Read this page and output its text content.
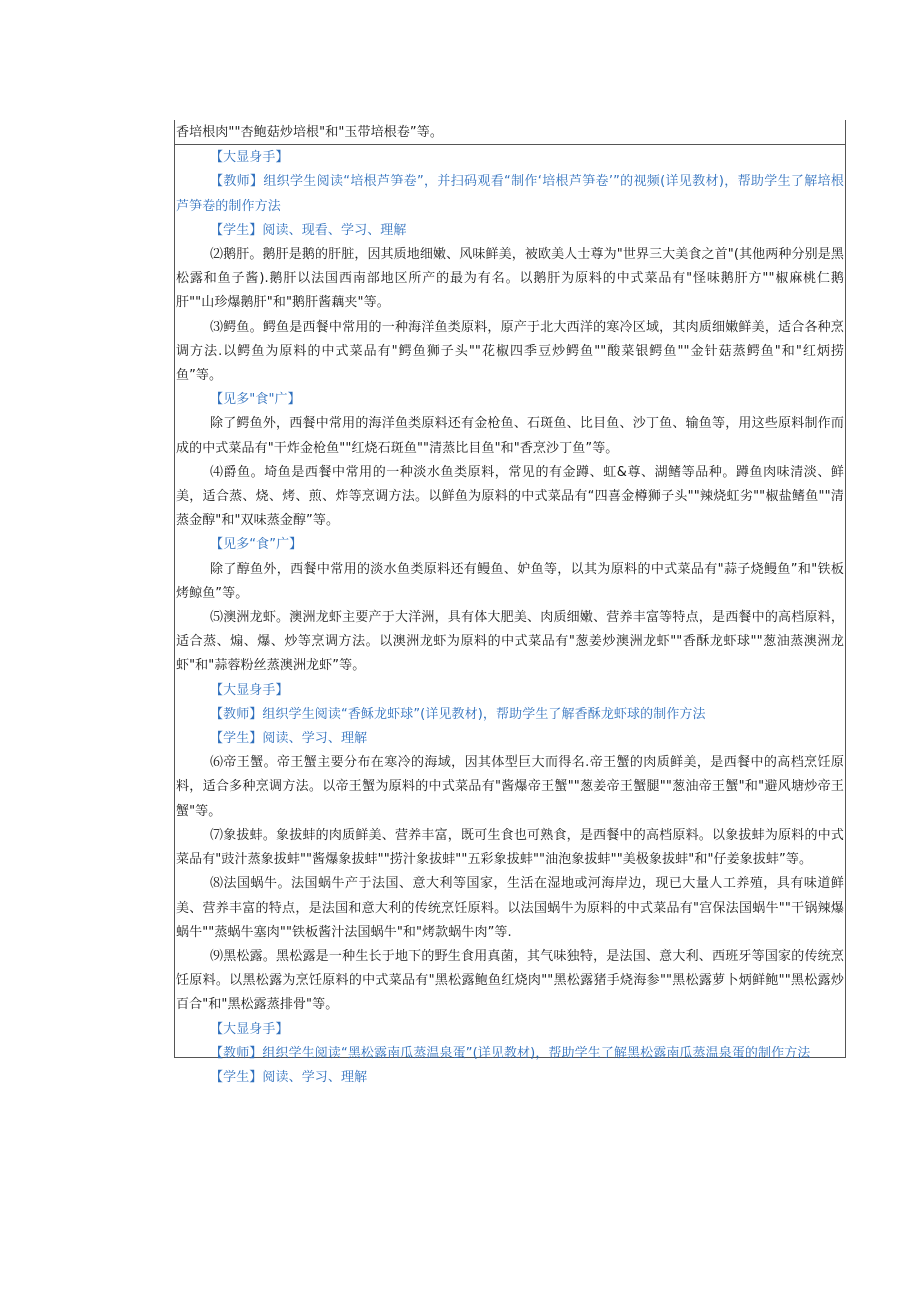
香培根肉""杏鲍菇炒培根"和"玉带培根卷”等。

【大显身手】

【教师】组织学生阅读“培根芦笋卷”，并扫码观看“制作‘培根芦笋卷’”的视频(详见教材)，帮助学生了解培根芦笋卷的制作方法

【学生】阅读、现看、学习、理解

⑵鹅肝。鹅肝是鹅的肝脏，因其质地细嫩、风味鲜美，被欧美人士尊为"世界三大美食之首"(其他两种分别是黑松露和鱼子酱).鹅肝以法国西南部地区所产的最为有名。以鹅肝为原料的中式菜品有"怪味鹅肝方""椒麻桃仁鹅肝""山珍爆鹅肝"和"鹅肝酱藕夹"等。

⑶鳄鱼。鳄鱼是西餐中常用的一种海洋鱼类原料，原产于北大西洋的寒冷区域，其肉质细嫩鲜美，适合各种烹调方法.以鳄鱼为原料的中式菜品有"鳄鱼狮子头""花椒四季豆炒鳄鱼""酸菜银鳄鱼""金针菇蒸鳄鱼"和"红炳捞鱼”等。

【见多"食"广】

除了鳄鱼外，西餐中常用的海洋鱼类原料还有金枪鱼、石斑鱼、比目鱼、沙丁鱼、输鱼等，用这些原料制作而成的中式菜品有"干炸金枪鱼""红烧石斑鱼""清蒸比目鱼"和"香烹沙丁鱼”等。

⑷爵鱼。埼鱼是西餐中常用的一种淡水鱼类原料，常见的有金蹲、虹&尊、湖鳍等品种。蹲鱼肉味清淡、鲜美，适合蒸、烧、烤、煎、炸等烹调方法。以鲜鱼为原料的中式菜品有“四喜金樽狮子头""辣烧虹劣""椒盐鳍鱼""清蒸金醇"和"双味蒸金醇”等。

【见多“食”广】

除了醇鱼外，西餐中常用的淡水鱼类原料还有鳗鱼、妒鱼等，以其为原料的中式菜品有"蒜子烧鳗鱼”和"铁板烤鲸鱼”等。

⑸澳洲龙虾。澳洲龙虾主要产于大洋洲，具有体大肥美、肉质细嫩、营养丰富等特点，是西餐中的高档原料，适合蒸、煽、爆、炒等烹调方法。以澳洲龙虾为原料的中式菜品有"葱姜炒澳洲龙虾""香酥龙虾球""葱油蒸澳洲龙虾"和"蒜蓉粉丝蒸澳洲龙虾”等。

【大显身手】

【教师】组织学生阅读“香稣龙虾球”(详见教材)，帮助学生了解香酥龙虾球的制作方法

【学生】阅读、学习、理解

⑹帝王蟹。帝王蟹主要分布在寒冷的海域，因其体型巨大而得名.帝王蟹的肉质鲜美，是西餐中的高档烹饪原料，适合多种烹调方法。以帝王蟹为原料的中式菜品有"酱爆帝王蟹""葱姜帝王蟹腿""葱油帝王蟹"和"避风塘炒帝王蟹"等。

⑺象拔蚌。象拔蚌的肉质鲜美、营养丰富，既可生食也可熟食，是西餐中的高档原料。以象拔蚌为原料的中式菜品有"豉汁蒸象拔蚌""酱爆象拔蚌""捞汁象拔蚌""五彩象拔蚌""油泡象拔蚌""美极象拔蚌"和"仔姜象拔蚌”等。

⑻法国蜗牛。法国蜗牛产于法国、意大利等国家，生活在湿地或河海岸边，现已大量人工养殖，具有味道鲜美、营养丰富的特点，是法国和意大利的传统烹饪原料。以法国蜗牛为原料的中式菜品有"宫保法国蜗牛""干锅辣爆蜗牛""蒸蜗牛塞肉""铁板酱汁法国蜗牛"和"烤款蜗牛肉”等.

⑼黑松露。黑松露是一种生长于地下的野生食用真菌，其气味独特，是法国、意大利、西班牙等国家的传统烹饪原料。以黑松露为烹饪原料的中式菜品有"黑松露鲍鱼红烧肉""黑松露猪手烧海参""黑松露萝卜炳鲜鲍""黑松露炒百合"和"黑松露蒸排骨"等。

【大显身手】

【教师】组织学生阅读“黑松露南瓜蒸温泉蛋”(详见教材)，帮助学生了解黑松露南瓜蒸温泉蛋的制作方法

【学生】阅读、学习、理解
